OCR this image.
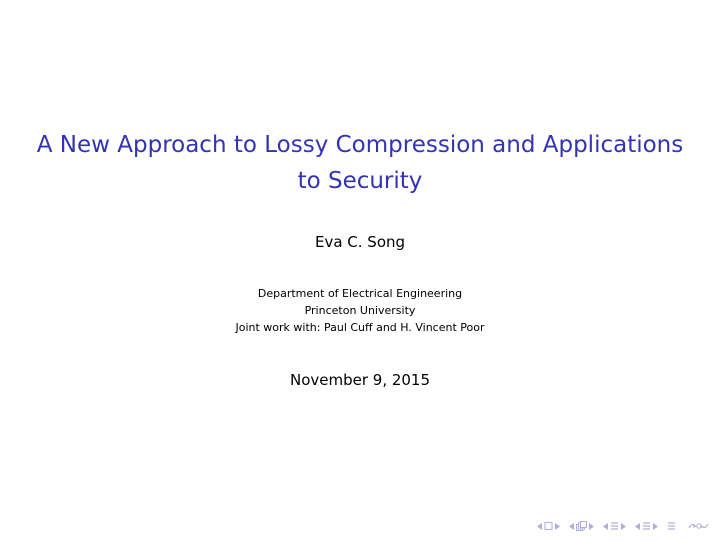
A New Approach to Lossy Compression and Applications
to Security
Eva C. Song
Department of Electrical Engineering
Princeton University
Joint work with: Paul Cuff and H. Vincent Poor
November 9, 2015
